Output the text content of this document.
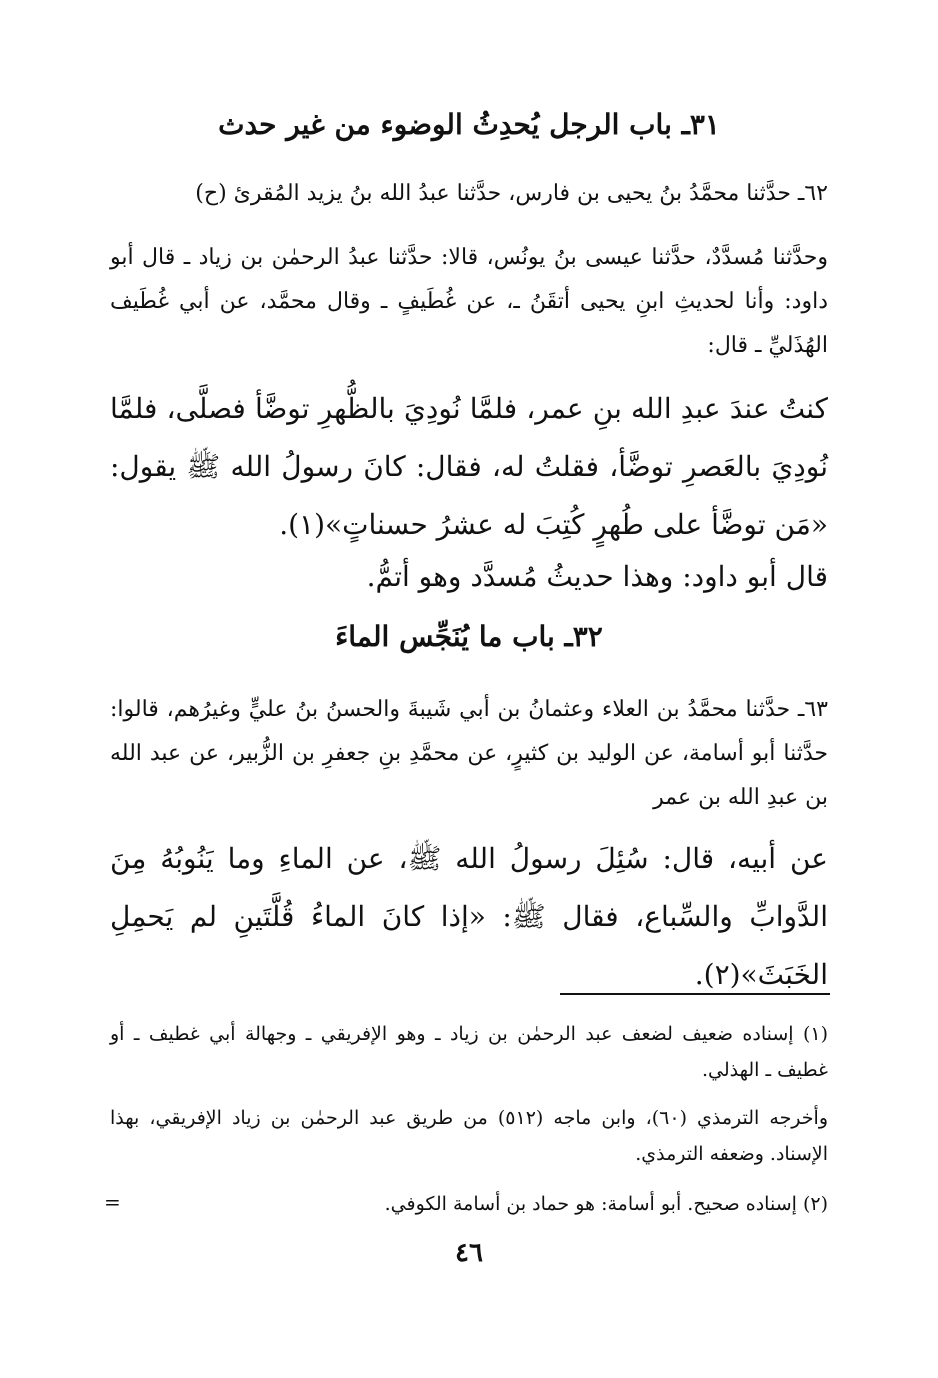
٣١ـ باب الرجل يُحدِثُ الوضوء من غير حدث
٦٢ـ حدَّثنا محمَّدُ بنُ يحيى بن فارس، حدَّثنا عبدُ الله بنُ يزيد المُقرئ (ح)
وحدَّثنا مُسدَّدٌ، حدَّثنا عيسى بنُ يونُس، قالا: حدَّثنا عبدُ الرحمٰن بن زياد ـ قال أبو داود: وأنا لحديثِ ابنِ يحيى أتقَنُ ـ، عن غُطَيفٍ ـ وقال محمَّد، عن أبي غُطَيف الهُذَليِّ ـ قال:
كنتُ عندَ عبدِ الله بنِ عمر، فلمَّا نُودِيَ بالظُّهرِ توضَّأ فصلَّى، فلمَّا نُودِيَ بالعَصرِ توضَّأ، فقلتُ له، فقال: كانَ رسولُ الله ﷺ يقول: «مَن توضَّأ على طُهرٍ كُتِبَ له عشرُ حسناتٍ»(١).
قال أبو داود: وهذا حديثُ مُسدَّد وهو أتمُّ.
٣٢ـ باب ما يُنَجِّس الماءَ
٦٣ـ حدَّثنا محمَّدُ بن العلاء وعثمانُ بن أبي شَيبةَ والحسنُ بنُ عليٍّ وغيرُهم، قالوا: حدَّثنا أبو أسامة، عن الوليد بن كثيرٍ، عن محمَّدِ بنِ جعفرِ بن الزُّبير، عن عبد الله بن عبدِ الله بن عمر
عن أبيه، قال: سُئِلَ رسولُ الله ﷺ، عن الماءِ وما يَنُوبُهُ مِنَ الدَّوابِّ والسِّباع، فقال ﷺ: «إذا كانَ الماءُ قُلَّتَينِ لم يَحمِلِ الخَبَثَ»(٢).
(١) إسناده ضعيف لضعف عبد الرحمٰن بن زياد ـ وهو الإفريقي ـ وجهالة أبي غطيف ـ أو غطيف ـ الهذلي.
وأخرجه الترمذي (٦٠)، وابن ماجه (٥١٢) من طريق عبد الرحمٰن بن زياد الإفريقي، بهذا الإسناد. وضعفه الترمذي.
(٢) إسناده صحيح. أبو أسامة: هو حماد بن أسامة الكوفي.
=
٤٦
